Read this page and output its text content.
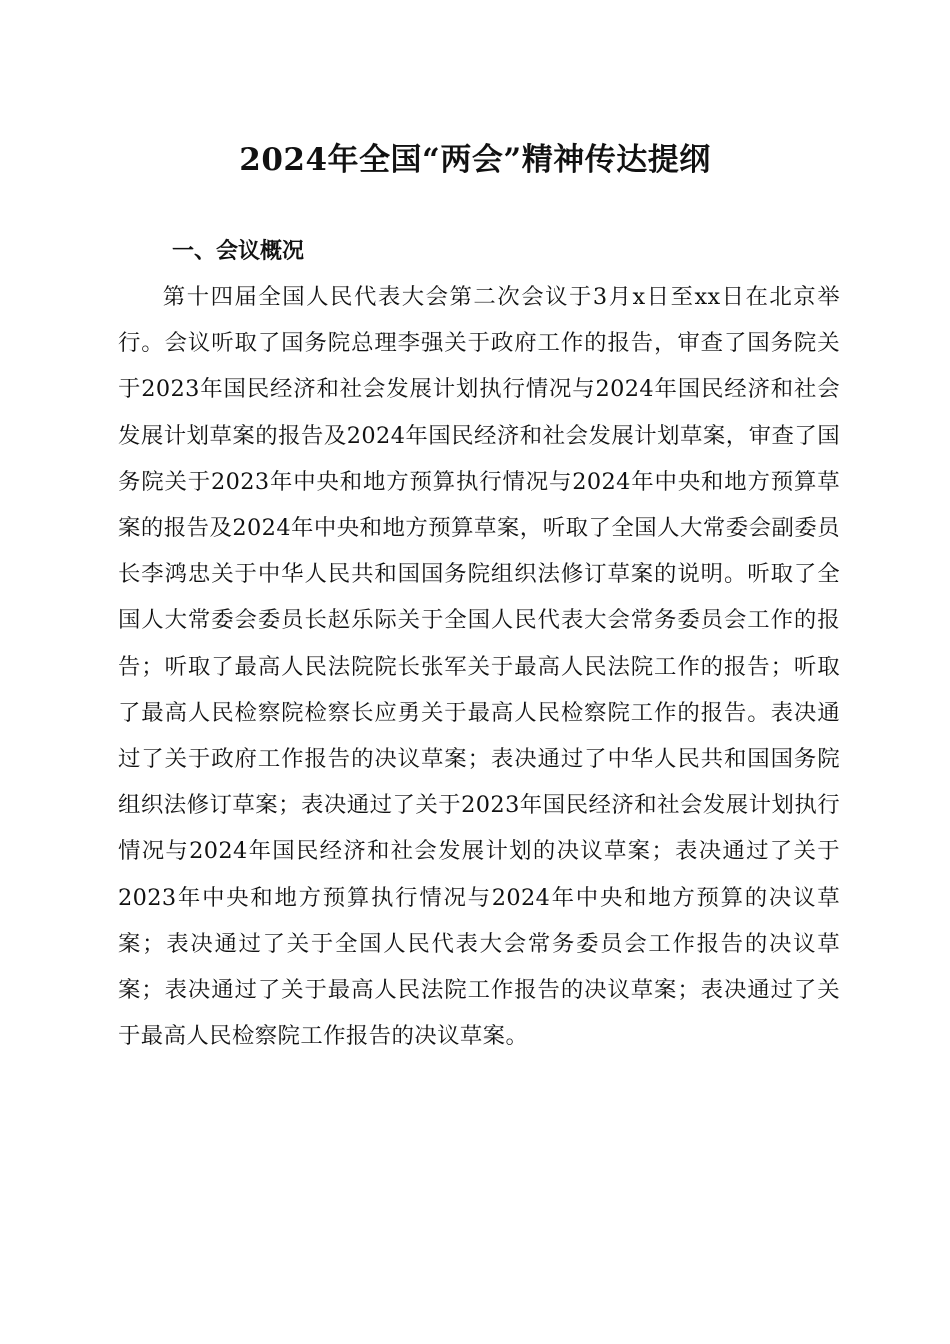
2024年全国“两会”精神传达提纲
一、会议概况

第十四届全国人民代表大会第二次会议于3月x日至xx日在北京举行。会议听取了国务院总理李强关于政府工作的报告，审查了国务院关于2023年国民经济和社会发展计划执行情况与2024年国民经济和社会发展计划草案的报告及2024年国民经济和社会发展计划草案，审查了国务院关于2023年中央和地方预算执行情况与2024年中央和地方预算草案的报告及2024年中央和地方预算草案，听取了全国人大常委会副委员长李鸿忠关于中华人民共和国国务院组织法修订草案的说明。听取了全国人大常委会委员长赵乐际关于全国人民代表大会常务委员会工作的报告；听取了最高人民法院院长张军关于最高人民法院工作的报告；听取了最高人民检察院检察长应勇关于最高人民检察院工作的报告。表决通过了关于政府工作报告的决议草案；表决通过了中华人民共和国国务院组织法修订草案；表决通过了关于2023年国民经济和社会发展计划执行情况与2024年国民经济和社会发展计划的决议草案；表决通过了关于2023年中央和地方预算执行情况与2024年中央和地方预算的决议草案；表决通过了关于全国人民代表大会常务委员会工作报告的决议草案；表决通过了关于最高人民法院工作报告的决议草案；表决通过了关于最高人民检察院工作报告的决议草案。
